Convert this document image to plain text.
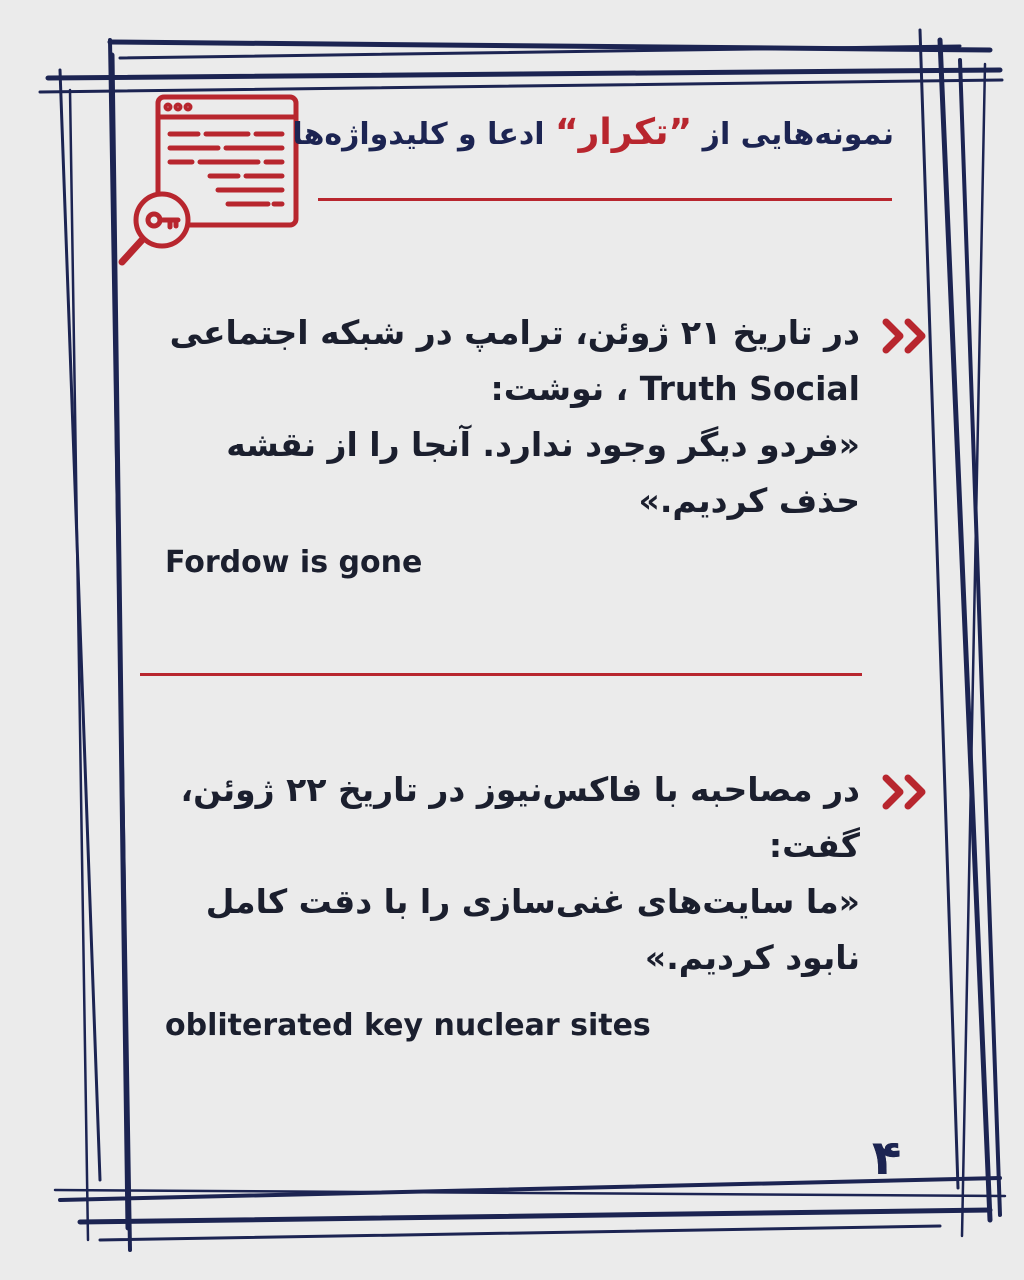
نمونه‌هایی از ”تکرار“ ادعا و کلیدواژه‌ها

در تاریخ ۲۱ ژوئن، ترامپ در شبکه اجتماعی

Truth Social ، نوشت:

«فردو دیگر وجود ندارد. آنجا را از نقشه

حذف کردیم.»

Fordow is gone

در مصاحبه با فاکس‌نیوز در تاریخ ۲۲ ژوئن،

گفت:

«ما سایت‌های غنی‌سازی را با دقت کامل

نابود کردیم.»

obliterated key nuclear sites
۴
